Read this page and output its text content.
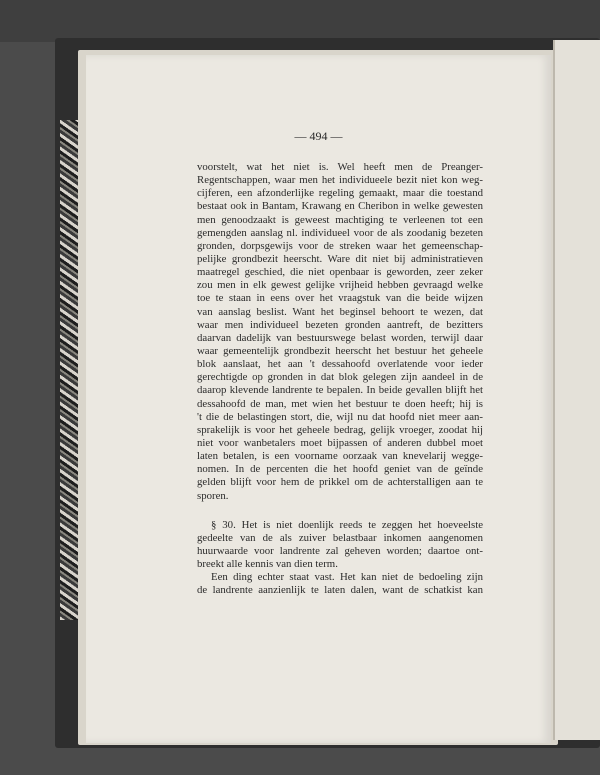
— 494 —
voorstelt, wat het niet is. Wel heeft men de Preanger-
Regentschappen, waar men het individueele bezit niet kon weg-
cijferen, een afzonderlijke regeling gemaakt, maar die toestand
bestaat ook in Bantam, Krawang en Cheribon in welke gewesten
men genoodzaakt is geweest machtiging te verleenen tot een
gemengden aanslag nl. individueel voor de als zoodanig bezeten
gronden, dorpsgewijs voor de streken waar het gemeenschap-
pelijke grondbezit heerscht. Ware dit niet bij administratieven
maatregel geschied, die niet openbaar is geworden, zeer zeker
zou men in elk gewest gelijke vrijheid hebben gevraagd welke
toe te staan in eens over het vraagstuk van die beide wijzen
van aanslag beslist. Want het beginsel behoort te wezen, dat
waar men individueel bezeten gronden aantreft, de bezitters
daarvan dadelijk van bestuurswege belast worden, terwijl daar
waar gemeentelijk grondbezit heerscht het bestuur het geheele
blok aanslaat, het aan 't dessahoofd overlatende voor ieder
gerechtigde op gronden in dat blok gelegen zijn aandeel in de
daarop klevende landrente te bepalen. In beide gevallen blijft het
dessahoofd de man, met wien het bestuur te doen heeft; hij is
't die de belastingen stort, die, wijl nu dat hoofd niet meer aan-
sprakelijk is voor het geheele bedrag, gelijk vroeger, zoodat hij
niet voor wanbetalers moet bijpassen of anderen dubbel moet
laten betalen, is een voorname oorzaak van knevelarij wegge-
nomen. In de percenten die het hoofd geniet van de geïnde
gelden blijft voor hem de prikkel om de achterstalligen aan te
sporen.
§ 30. Het is niet doenlijk reeds te zeggen het hoeveelste
gedeelte van de als zuiver belastbaar inkomen aangenomen
huurwaarde voor landrente zal geheven worden; daartoe ont-
breekt alle kennis van dien term.
Een ding echter staat vast. Het kan niet de bedoeling zijn
de landrente aanzienlijk te laten dalen, want de schatkist kan
